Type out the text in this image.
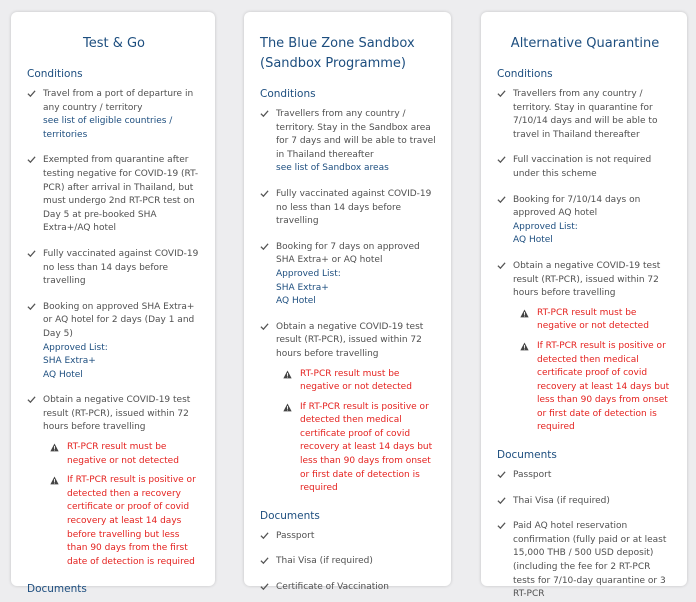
Test & Go
Conditions
Travel from a port of departure in any country / territory
see list of eligible countries / territories
Exempted from quarantine after testing negative for COVID-19 (RT-PCR) after arrival in Thailand, but must undergo 2nd RT-PCR test on Day 5 at pre-booked SHA Extra+/AQ hotel
Fully vaccinated against COVID-19 no less than 14 days before travelling
Booking on approved SHA Extra+ or AQ hotel for 2 days (Day 1 and Day 5)
Approved List:
SHA Extra+
AQ Hotel
Obtain a negative COVID-19 test result (RT-PCR), issued within 72 hours before travelling
RT-PCR result must be negative or not detected
If RT-PCR result is positive or detected then a recovery certificate or proof of covid recovery at least 14 days before travelling but less than 90 days from the first date of detection is required
Documents
The Blue Zone Sandbox (Sandbox Programme)
Conditions
Travellers from any country / territory. Stay in the Sandbox area for 7 days and will be able to travel in Thailand thereafter
see list of Sandbox areas
Fully vaccinated against COVID-19 no less than 14 days before travelling
Booking for 7 days on approved SHA Extra+ or AQ hotel
Approved List:
SHA Extra+
AQ Hotel
Obtain a negative COVID-19 test result (RT-PCR), issued within 72 hours before travelling
RT-PCR result must be negative or not detected
If RT-PCR result is positive or detected then medical certificate proof of covid recovery at least 14 days but less than 90 days from onset or first date of detection is required
Documents
Passport
Thai Visa (if required)
Certificate of Vaccination
Alternative Quarantine
Conditions
Travellers from any country / territory. Stay in quarantine for 7/10/14 days and will be able to travel in Thailand thereafter
Full vaccination is not required under this scheme
Booking for 7/10/14 days on approved AQ hotel
Approved List:
AQ Hotel
Obtain a negative COVID-19 test result (RT-PCR), issued within 72 hours before travelling
RT-PCR result must be negative or not detected
If RT-PCR result is positive or detected then medical certificate proof of covid recovery at least 14 days but less than 90 days from onset or first date of detection is required
Documents
Passport
Thai Visa (if required)
Paid AQ hotel reservation confirmation (fully paid or at least 15,000 THB / 500 USD deposit) (including the fee for 2 RT-PCR tests for 7/10-day quarantine or 3 RT-PCR
